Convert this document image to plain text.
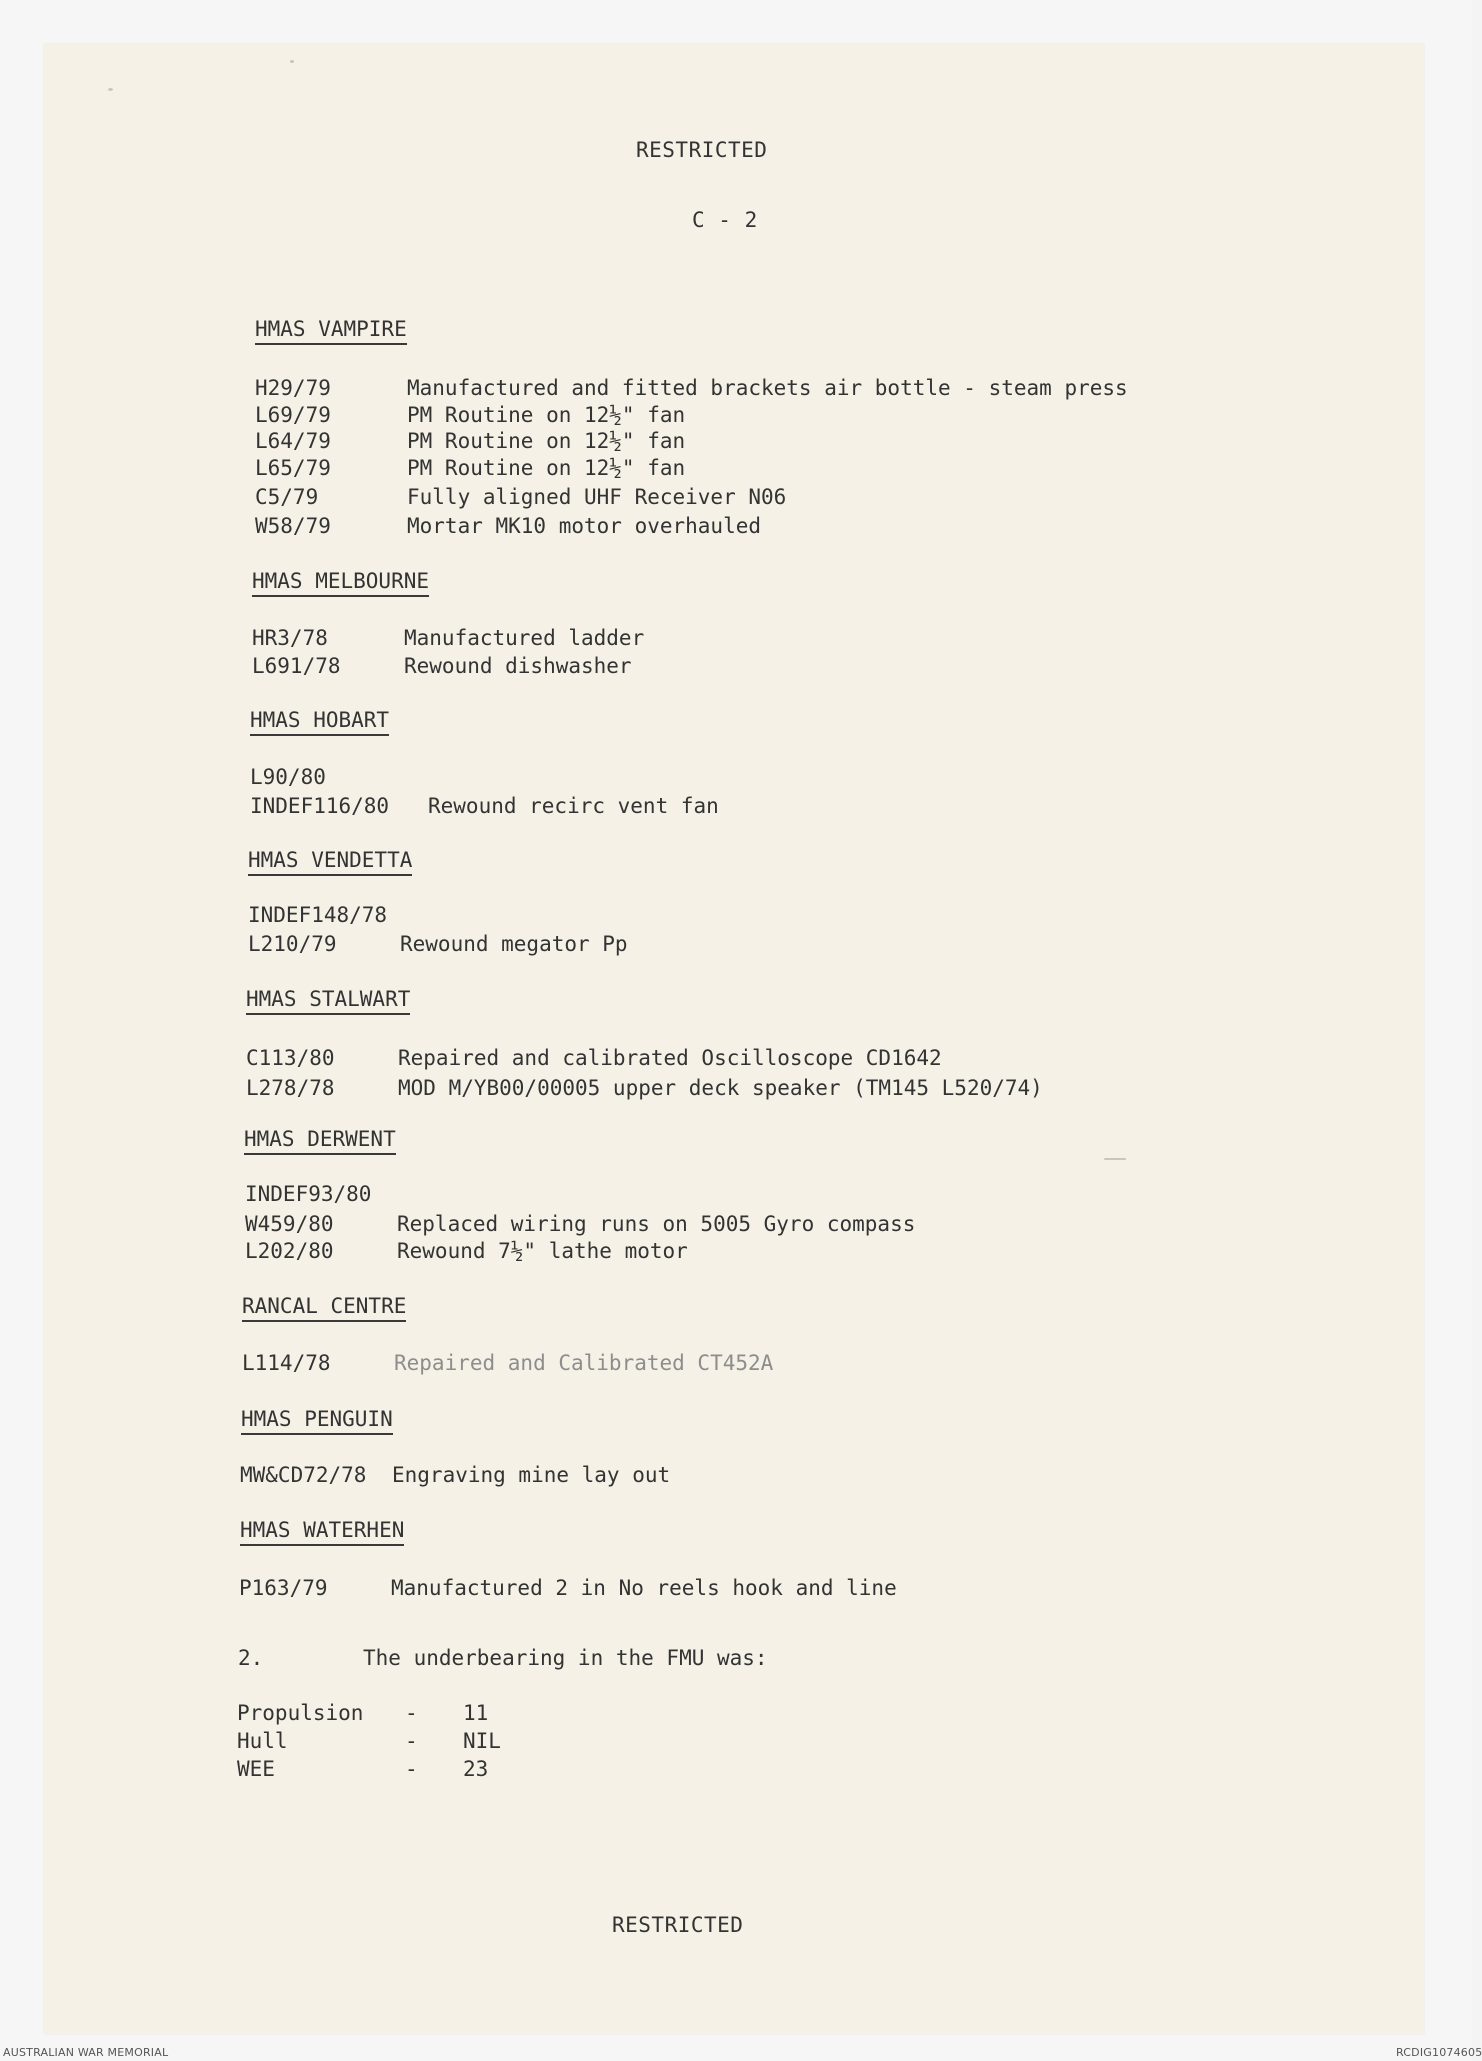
RESTRICTED
C - 2
HMAS VAMPIRE
H29/79	Manufactured and fitted brackets air bottle - steam press
L69/79	PM Routine on 12½" fan
L64/79	PM Routine on 12½" fan
L65/79	PM Routine on 12½" fan
C5/79	Fully aligned UHF Receiver N06
W58/79	Mortar MK10 motor overhauled
HMAS MELBOURNE
HR3/78	Manufactured ladder
L691/78	Rewound dishwasher
HMAS HOBART
L90/80
INDEF116/80 Rewound recirc vent fan
HMAS VENDETTA
INDEF148/78
L210/79	Rewound megator Pp
HMAS STALWART
C113/80	Repaired and calibrated Oscilloscope CD1642
L278/78	MOD M/YB00/00005 upper deck speaker (TM145 L520/74)
HMAS DERWENT
INDEF93/80
W459/80	Replaced wiring runs on 5005 Gyro compass
L202/80	Rewound 7½" lathe motor
RANCAL CENTRE
L114/78	Repaired and Calibrated CT452A
HMAS PENGUIN
MW&CD72/78 Engraving mine lay out
HMAS WATERHEN
P163/79	Manufactured 2 in No reels hook and line
2.	The underbearing in the FMU was:
Propulsion - 11
Hull	- NIL
WEE	- 23
RESTRICTED
AUSTRALIAN WAR MEMORIAL	RCDIG1074605
